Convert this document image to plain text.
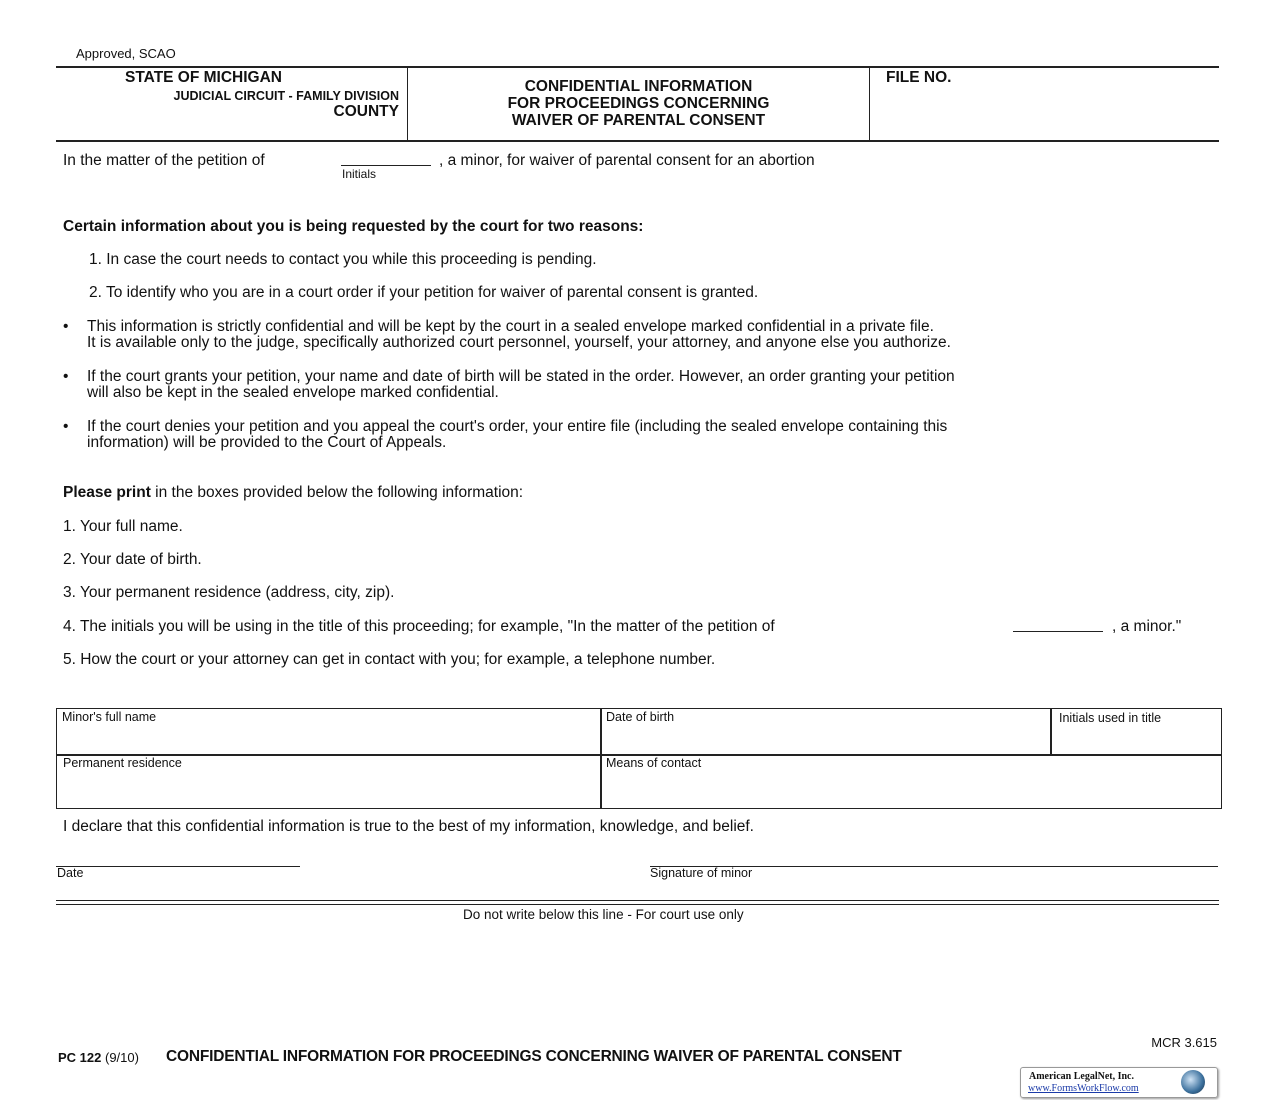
Approved, SCAO
STATE OF MICHIGAN
JUDICIAL CIRCUIT - FAMILY DIVISION
COUNTY
CONFIDENTIAL INFORMATION
FOR PROCEEDINGS CONCERNING
WAIVER OF PARENTAL CONSENT
FILE NO.
In the matter of the petition of
Initials
, a minor, for waiver of parental consent for an abortion
Certain information about you is being requested by the court for two reasons:
1. In case the court needs to contact you while this proceeding is pending.
2. To identify who you are in a court order if your petition for waiver of parental consent is granted.
• This information is strictly confidential and will be kept by the court in a sealed envelope marked confidential in a private file.
It is available only to the judge, specifically authorized court personnel, yourself, your attorney, and anyone else you authorize.
• If the court grants your petition, your name and date of birth will be stated in the order. However, an order granting your petition
will also be kept in the sealed envelope marked confidential.
• If the court denies your petition and you appeal the court's order, your entire file (including the sealed envelope containing this
information) will be provided to the Court of Appeals.
Please print in the boxes provided below the following information:
1. Your full name.
2. Your date of birth.
3. Your permanent residence (address, city, zip).
4. The initials you will be using in the title of this proceeding; for example, "In the matter of the petition of	, a minor."
5. How the court or your attorney can get in contact with you; for example, a telephone number.
Minor's full name	Date of birth	Initials used in title
Permanent residence	Means of contact
I declare that this confidential information is true to the best of my information, knowledge, and belief.
Date	Signature of minor
Do not write below this line - For court use only
MCR 3.615
PC 122 (9/10) CONFIDENTIAL INFORMATION FOR PROCEEDINGS CONCERNING WAIVER OF PARENTAL CONSENT
American LegalNet, Inc.
www.FormsWorkFlow.com
